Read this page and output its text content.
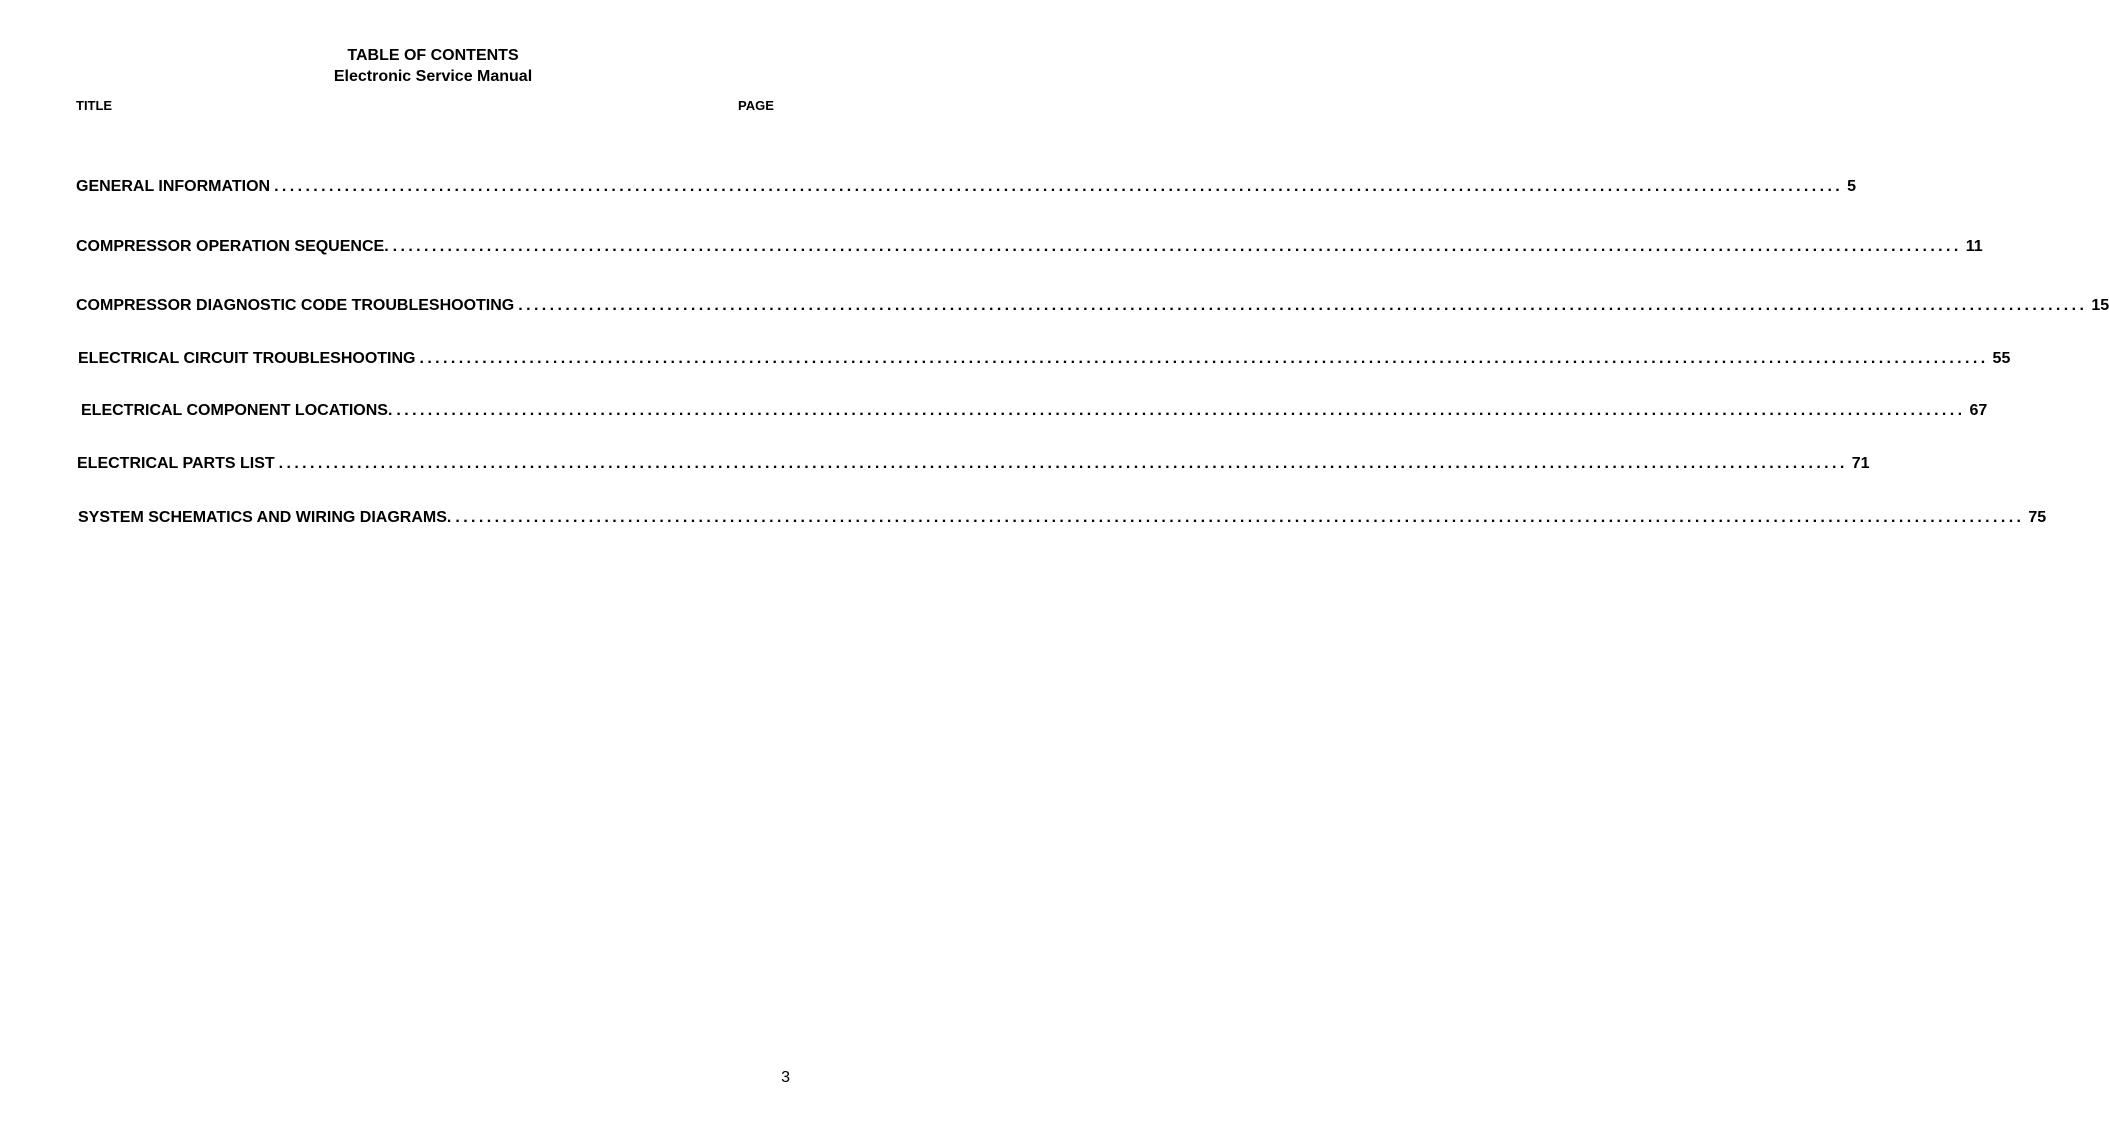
TABLE OF CONTENTS
Electronic Service Manual
TITLE	PAGE
GENERAL INFORMATION ........................................................................................................................................................................................................ 5
COMPRESSOR OPERATION SEQUENCE. ........................................................................................................................................................................................................ 11
COMPRESSOR DIAGNOSTIC CODE TROUBLESHOOTING ........................................................................................................................................................................................................ 15
ELECTRICAL CIRCUIT TROUBLESHOOTING ........................................................................................................................................................................................................ 55
ELECTRICAL COMPONENT LOCATIONS. ........................................................................................................................................................................................................ 67
ELECTRICAL PARTS LIST ........................................................................................................................................................................................................ 71
SYSTEM SCHEMATICS AND WIRING DIAGRAMS. ........................................................................................................................................................................................................ 75
3
